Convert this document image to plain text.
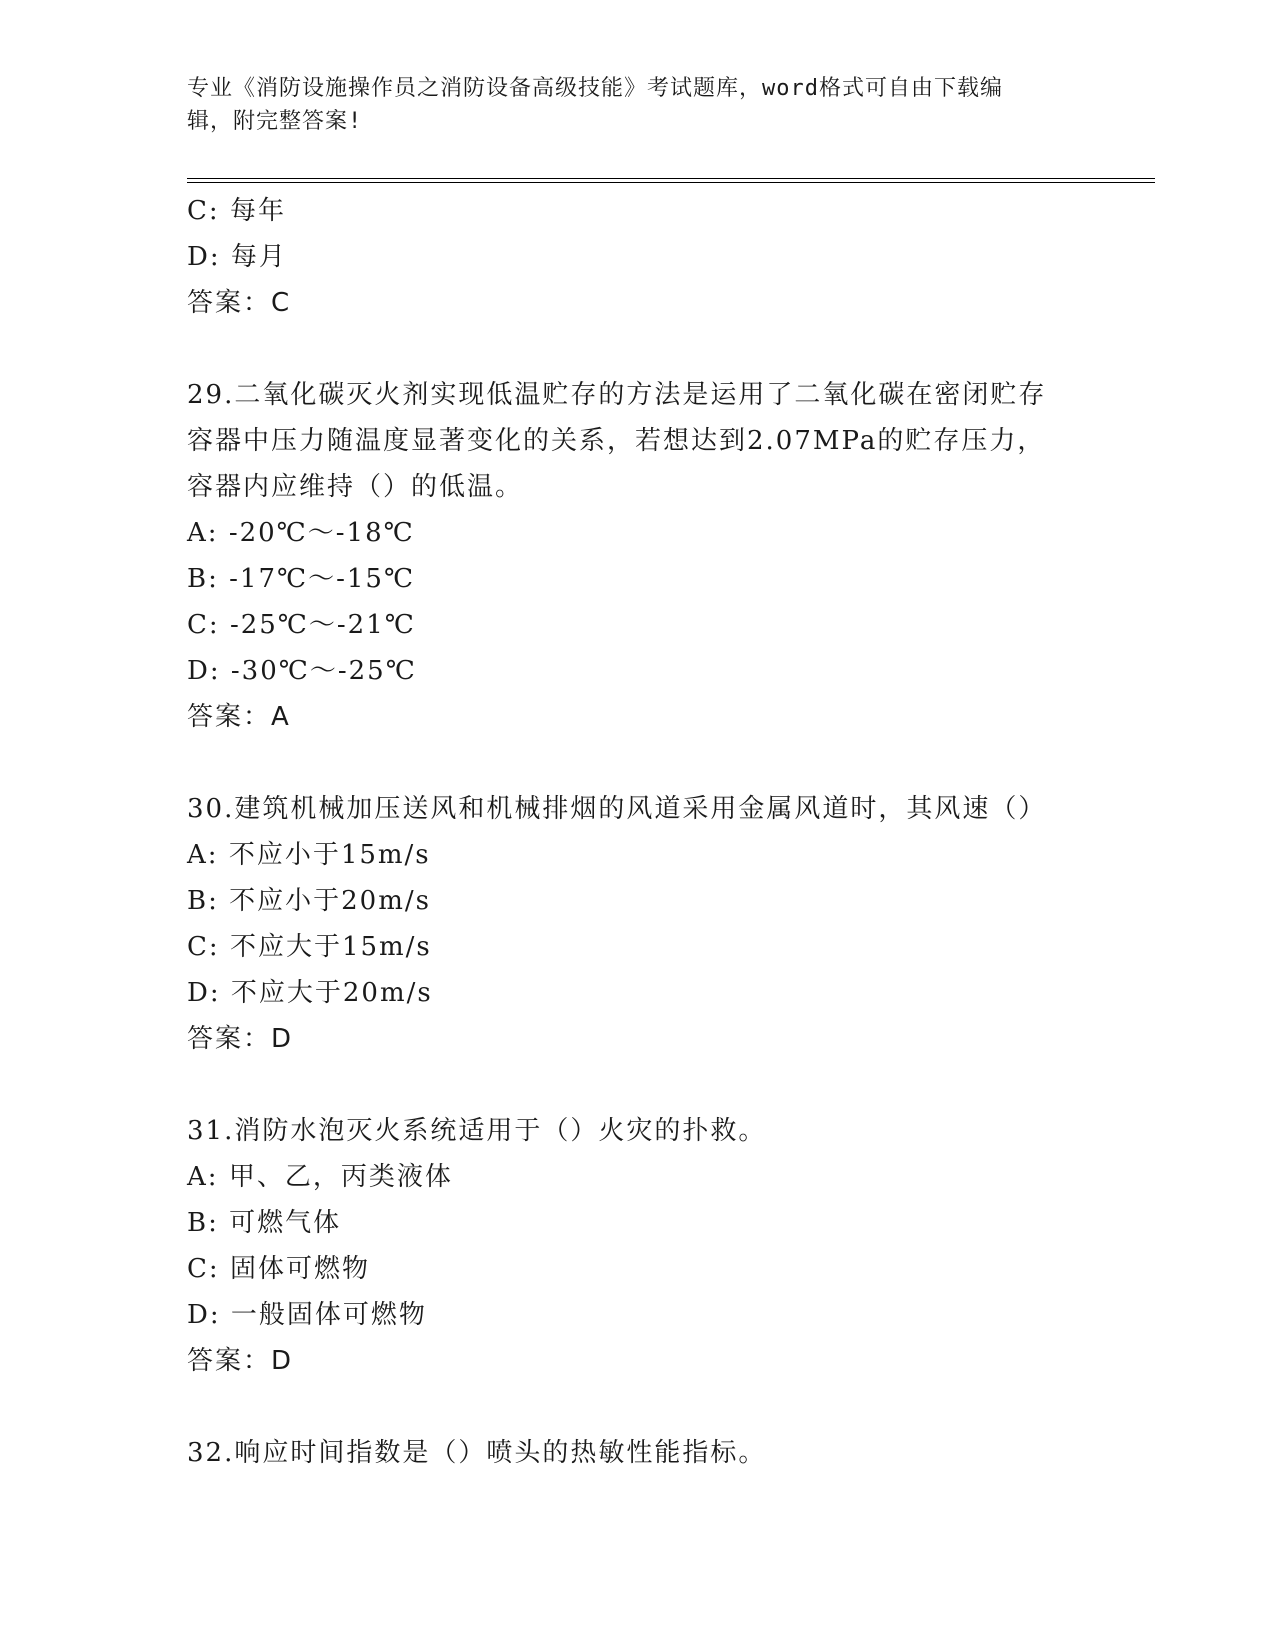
专业《消防设施操作员之消防设备高级技能》考试题库，word格式可自由下载编
辑，附完整答案!
C: 每年
D: 每月
答案：C
29.二氧化碳灭火剂实现低温贮存的方法是运用了二氧化碳在密闭贮存
容器中压力随温度显著变化的关系，若想达到2.07MPa的贮存压力，
容器内应维持（）的低温。
A: -20℃～-18℃
B: -17℃～-15℃
C: -25℃～-21℃
D: -30℃～-25℃
答案：A
30.建筑机械加压送风和机械排烟的风道采用金属风道时，其风速（）
A: 不应小于15m/s
B: 不应小于20m/s
C: 不应大于15m/s
D: 不应大于20m/s
答案：D
31.消防水泡灭火系统适用于（）火灾的扑救。
A: 甲、乙，丙类液体
B: 可燃气体
C: 固体可燃物
D: 一般固体可燃物
答案：D
32.响应时间指数是（）喷头的热敏性能指标。
